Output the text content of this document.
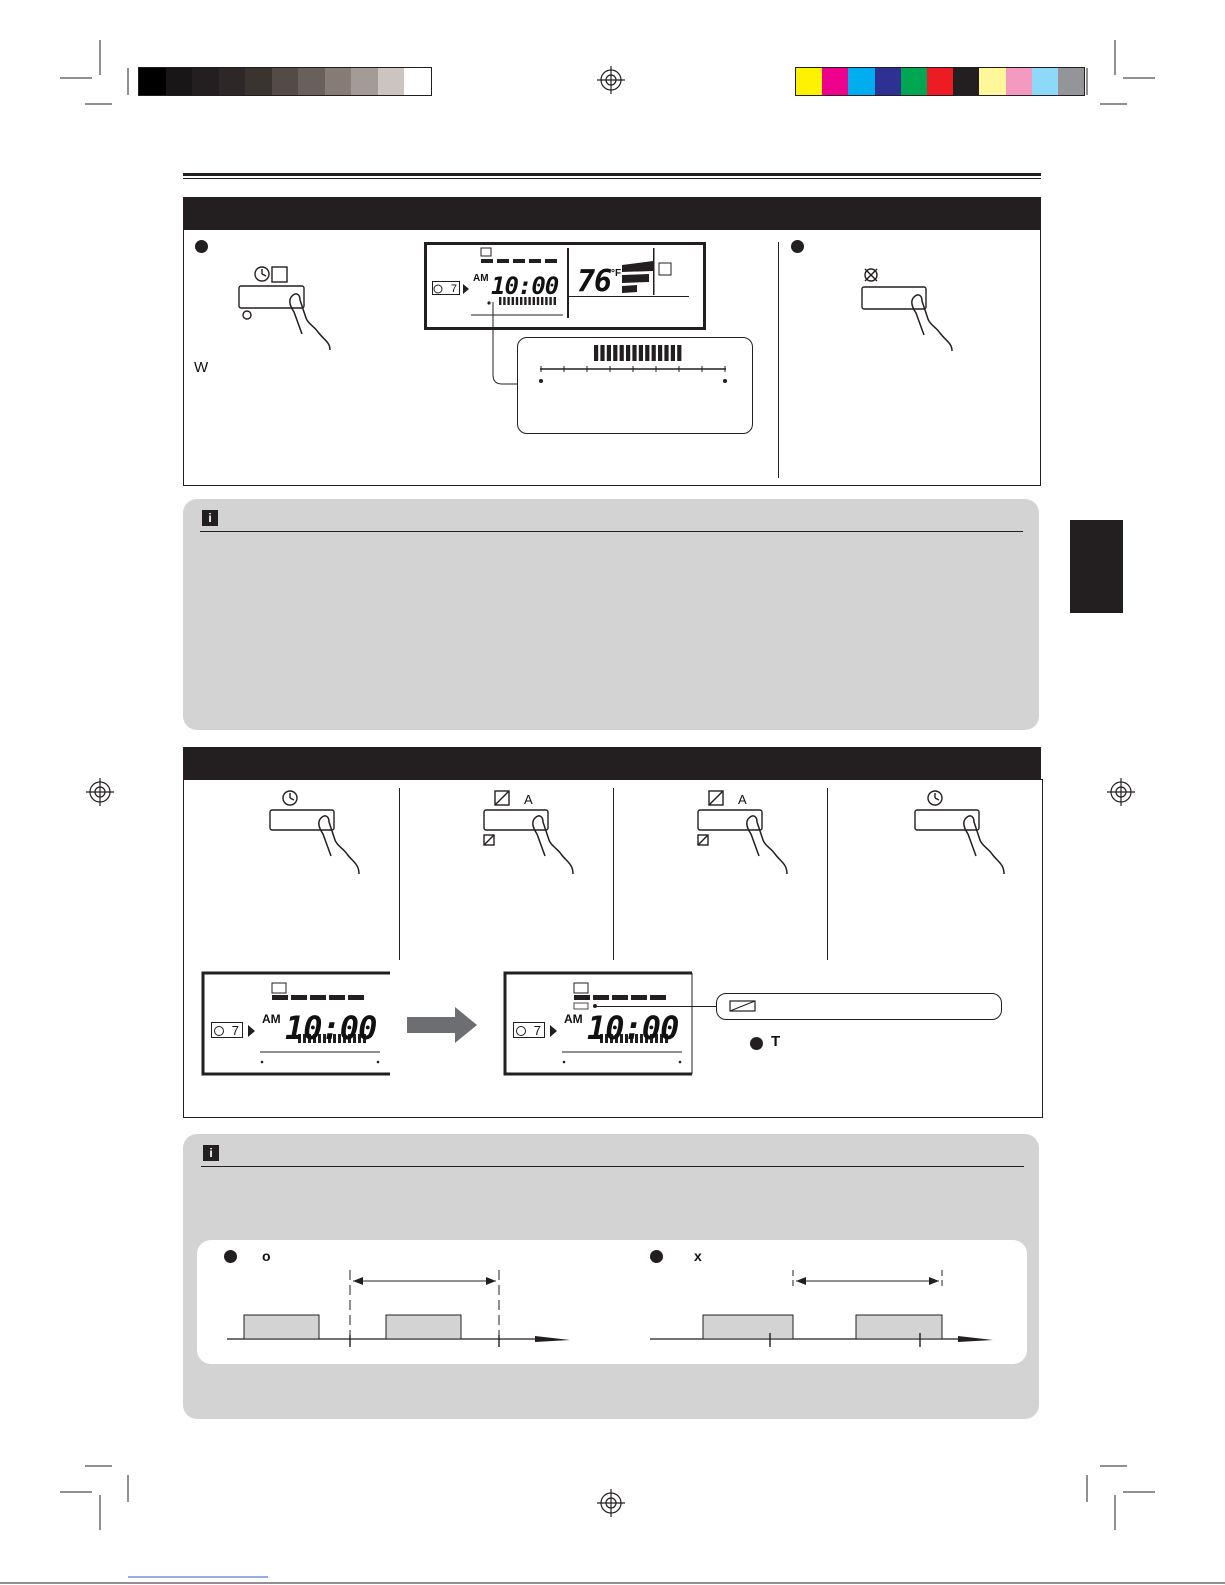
W
7
AM 10:00 76 °F
i
A	A
7
AM 10:00	7
AM 10:00	T
i
o	x
